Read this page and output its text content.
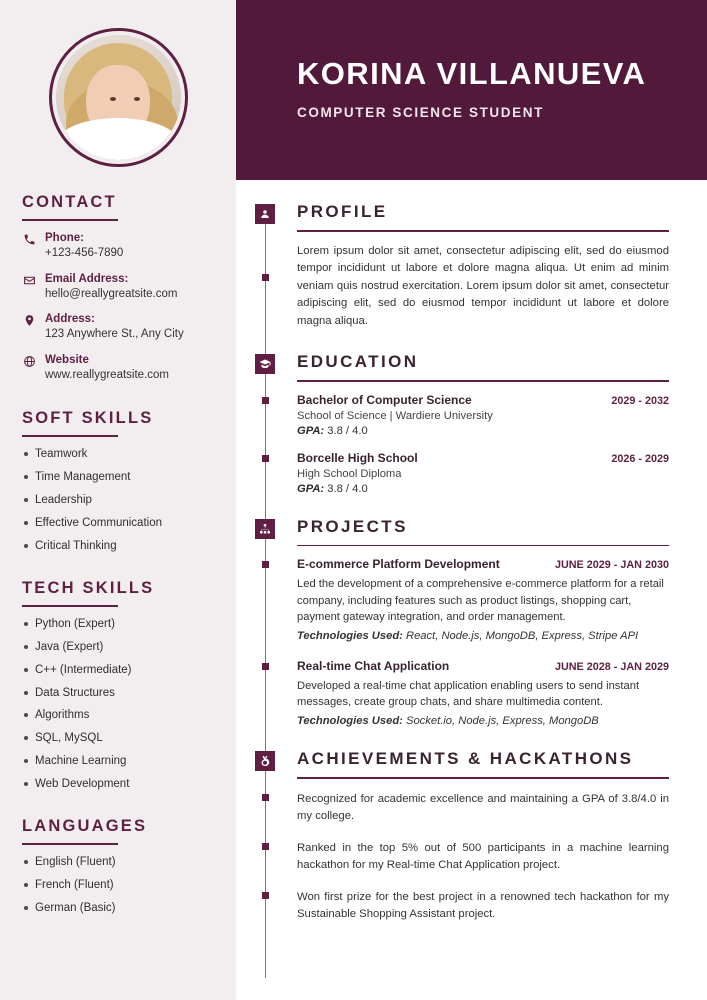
CONTACT
Phone:
+123-456-7890
Email Address:
hello@reallygreatsite.com
Address:
123 Anywhere St., Any City
Website
www.reallygreatsite.com
SOFT SKILLS
Teamwork
Time Management
Leadership
Effective Communication
Critical Thinking
TECH SKILLS
Python (Expert)
Java (Expert)
C++ (Intermediate)
Data Structures
Algorithms
SQL, MySQL
Machine Learning
Web Development
LANGUAGES
English (Fluent)
French (Fluent)
German (Basic)
KORINA VILLANUEVA
COMPUTER SCIENCE STUDENT
PROFILE

Lorem ipsum dolor sit amet, consectetur adipiscing elit, sed do eiusmod tempor incididunt ut labore et dolore magna aliqua. Ut enim ad minim veniam quis nostrud exercitation. Lorem ipsum dolor sit amet, consectetur adipiscing elit, sed do eiusmod tempor incididunt ut labore et dolore magna aliqua.

EDUCATION
Bachelor of Computer Science	2029 - 2032
School of Science | Wardiere University
GPA: 3.8 / 4.0
Borcelle High School	2026 - 2029
High School Diploma
GPA: 3.8 / 4.0
PROJECTS
E-commerce Platform Development	JUNE 2029 - JAN 2030
Led the development of a comprehensive e-commerce platform for a retail company, including features such as product listings, shopping cart, payment gateway integration, and order management.
Technologies Used: React, Node.js, MongoDB, Express, Stripe API
Real-time Chat Application	JUNE 2028 - JAN 2029
Developed a real-time chat application enabling users to send instant messages, create group chats, and share multimedia content.
Technologies Used: Socket.io, Node.js, Express, MongoDB
ACHIEVEMENTS & HACKATHONS
Recognized for academic excellence and maintaining a GPA of 3.8/4.0 in my college.
Ranked in the top 5% out of 500 participants in a machine learning hackathon for my Real-time Chat Application project.
Won first prize for the best project in a renowned tech hackathon for my Sustainable Shopping Assistant project.
